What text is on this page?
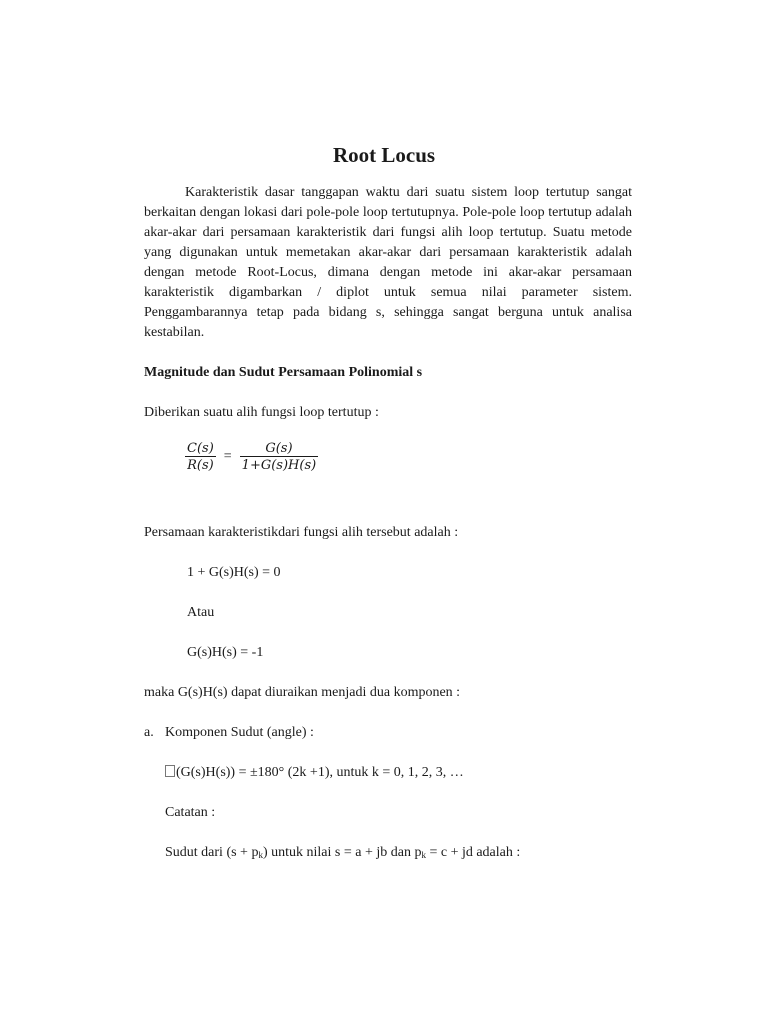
Root Locus
Karakteristik dasar tanggapan waktu dari suatu sistem loop tertutup sangat berkaitan dengan lokasi dari pole-pole loop tertutupnya. Pole-pole loop tertutup adalah akar-akar dari persamaan karakteristik dari fungsi alih loop tertutup. Suatu metode yang digunakan untuk memetakan akar-akar dari persamaan karakteristik adalah dengan metode Root-Locus, dimana dengan metode ini akar-akar persamaan karakteristik digambarkan / diplot untuk semua nilai parameter sistem. Penggambarannya tetap pada bidang s, sehingga sangat berguna untuk analisa kestabilan.
Magnitude dan Sudut Persamaan Polinomial s
Diberikan suatu alih fungsi loop tertutup :
$\frac{C(s)}{R(s)} = \frac{G(s)}{1+G(s)H(s)}$
Persamaan karakteristikdari fungsi alih tersebut adalah :
1 + G(s)H(s) = 0
Atau
G(s)H(s) = -1
maka G(s)H(s) dapat diuraikan menjadi dua komponen :
a. Komponen Sudut (angle) :
(G(s)H(s)) = ±180° (2k +1), untuk k = 0, 1, 2, 3, …
Catatan :
Sudut dari (s + pk) untuk nilai s = a + jb dan pk = c + jd adalah :
